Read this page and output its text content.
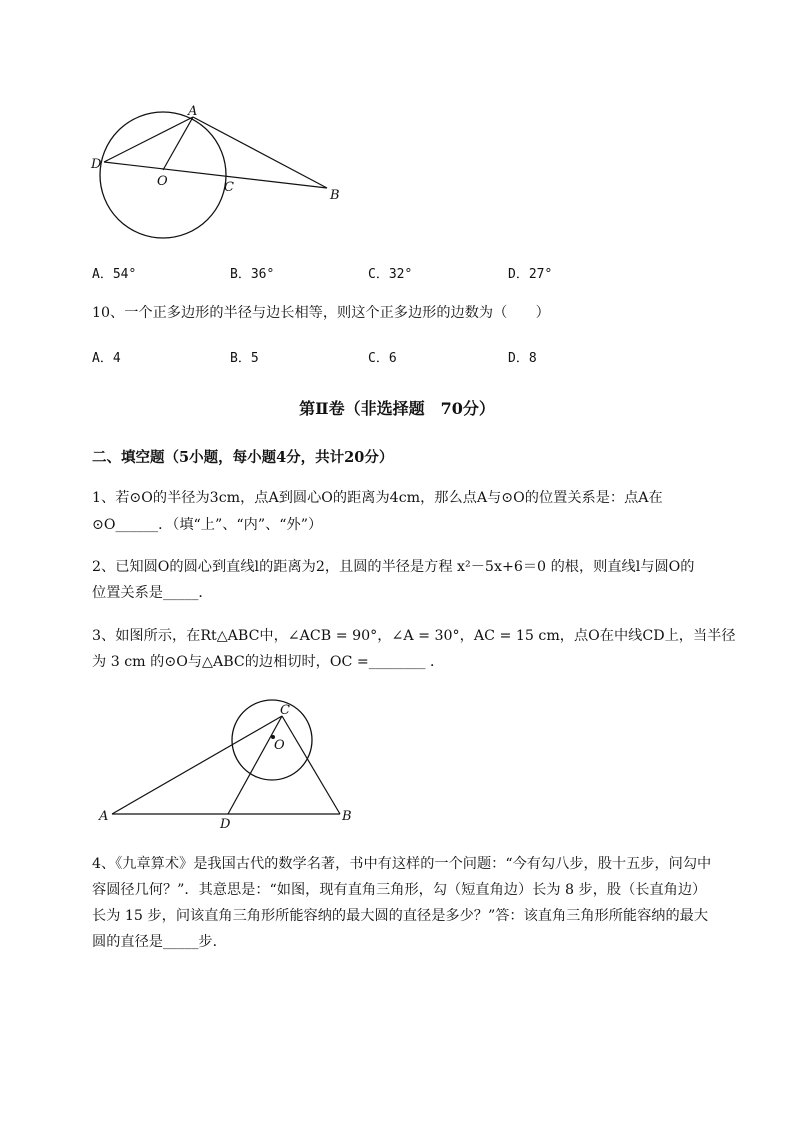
A
D
O	C
B
A．54°	B．36°	C．32°	D．27°
10、一个正多边形的半径与边长相等，则这个正多边形的边数为（　　）
A．4	B．5	C．6	D．8
第Ⅱ卷（非选择题　70分）
二、填空题（5小题，每小题4分，共计20分）
1、若⊙O的半径为3cm，点A到圆心O的距离为4cm，那么点A与⊙O的位置关系是：点A在
⊙O______．（填“上”、“内”、“外”）
2、已知圆O的圆心到直线l的距离为2，且圆的半径是方程 x²－5x+6＝0 的根，则直线l与圆O的
位置关系是_____．
3、如图所示，在Rt△ABC中，∠ACB = 90°，∠A = 30°，AC = 15 cm，点O在中线CD上，当半径
为 3 cm 的⊙O与△ABC的边相切时，OC =________ ．
C
O
A
D
B
4、《九章算术》是我国古代的数学名著，书中有这样的一个问题：“今有勾八步，股十五步，问勾中
容圆径几何？”．其意思是：“如图，现有直角三角形，勾（短直角边）长为 8 步，股（长直角边）
长为 15 步，问该直角三角形所能容纳的最大圆的直径是多少？”答：该直角三角形所能容纳的最大
圆的直径是_____步．
